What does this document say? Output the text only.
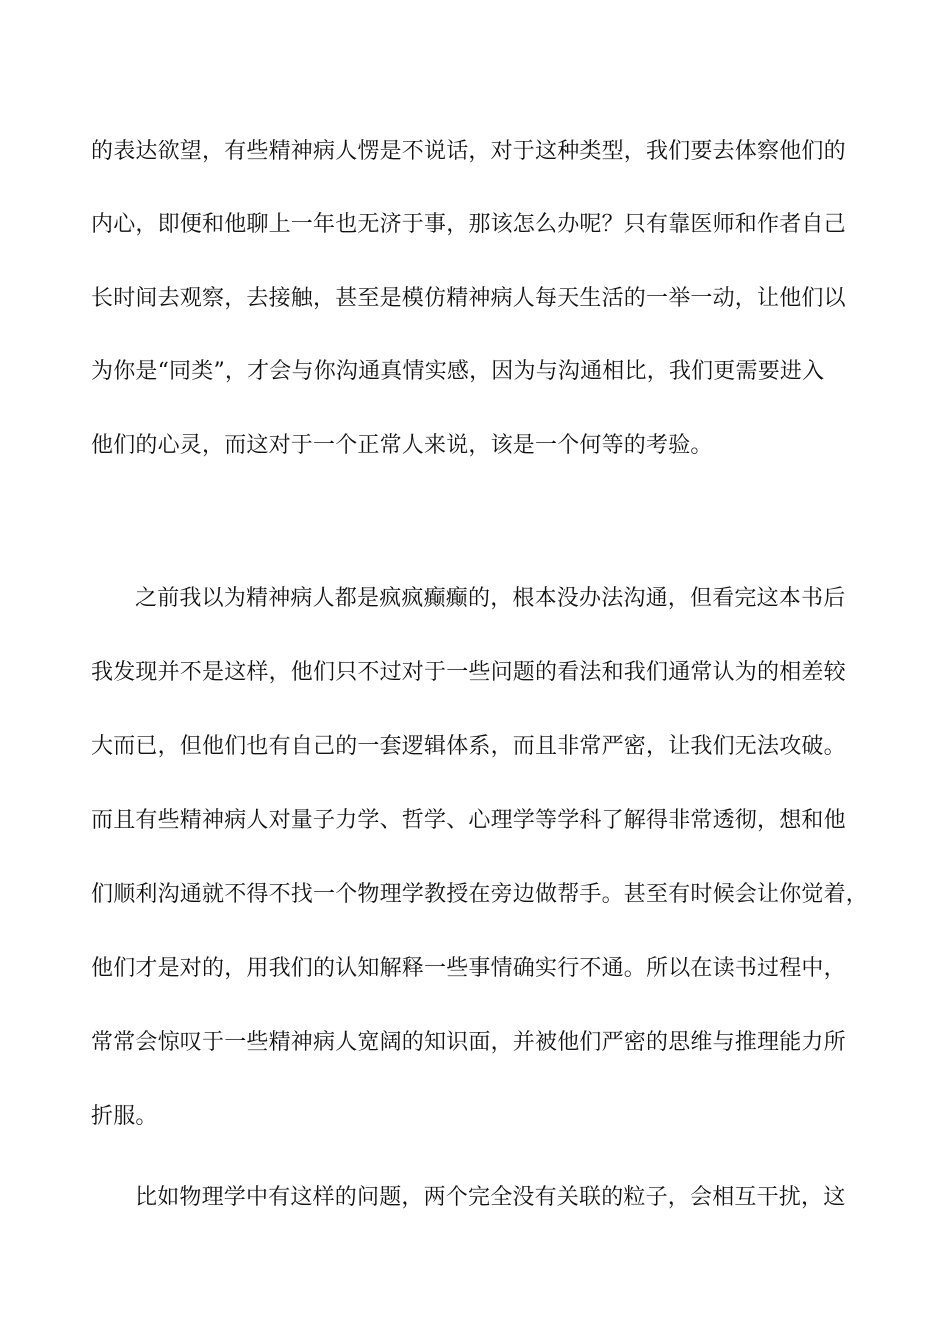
的表达欲望，有些精神病人愣是不说话，对于这种类型，我们要去体察他们的
内心，即便和他聊上一年也无济于事，那该怎么办呢？只有靠医师和作者自己
长时间去观察，去接触，甚至是模仿精神病人每天生活的一举一动，让他们以
为你是“同类”，才会与你沟通真情实感，因为与沟通相比，我们更需要进入
他们的心灵，而这对于一个正常人来说，该是一个何等的考验。
之前我以为精神病人都是疯疯癫癫的，根本没办法沟通，但看完这本书后
我发现并不是这样，他们只不过对于一些问题的看法和我们通常认为的相差较
大而已，但他们也有自己的一套逻辑体系，而且非常严密，让我们无法攻破。
而且有些精神病人对量子力学、哲学、心理学等学科了解得非常透彻，想和他
们顺利沟通就不得不找一个物理学教授在旁边做帮手。甚至有时候会让你觉着，
他们才是对的，用我们的认知解释一些事情确实行不通。所以在读书过程中，
常常会惊叹于一些精神病人宽阔的知识面，并被他们严密的思维与推理能力所
折服。
比如物理学中有这样的问题，两个完全没有关联的粒子，会相互干扰，这
